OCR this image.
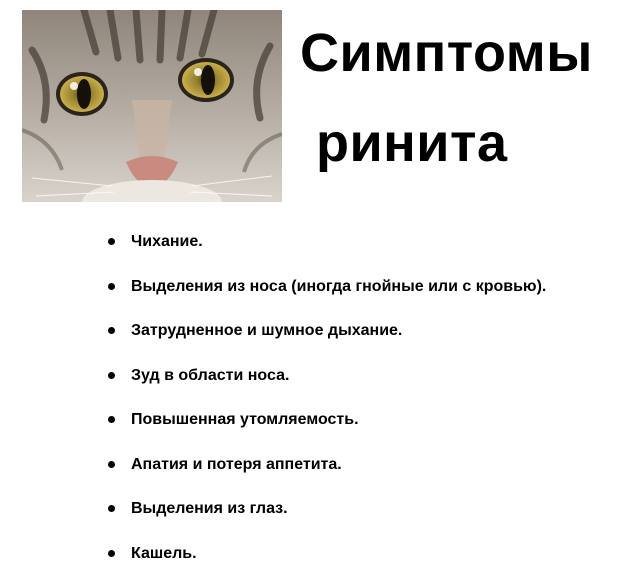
Симптомы
ринита
Чихание.
Выделения из носа (иногда гнойные или с кровью).
Затрудненное и шумное дыхание.
Зуд в области носа.
Повышенная утомляемость.
Апатия и потеря аппетита.
Выделения из глаз.
Кашель.
